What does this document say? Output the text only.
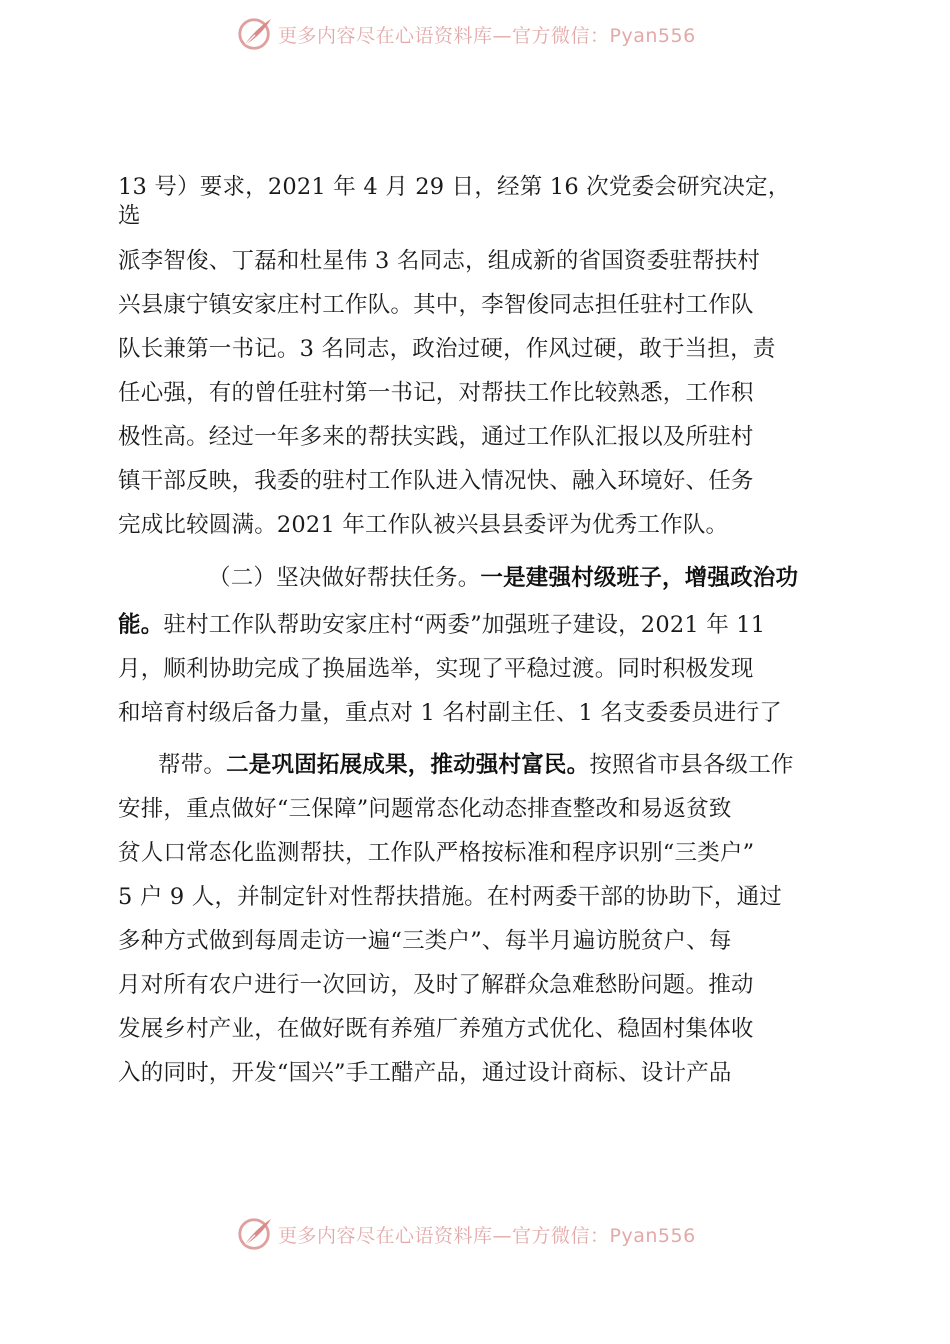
更多内容尽在心语资料库—官方微信：Pyan556
13 号）要求，2021 年 4 月 29 日，经第 16 次党委会研究决定，
选
派李智俊、丁磊和杜星伟 3 名同志，组成新的省国资委驻帮扶村
兴县康宁镇安家庄村工作队。其中，李智俊同志担任驻村工作队
队长兼第一书记。3 名同志，政治过硬，作风过硬，敢于当担，责
任心强，有的曾任驻村第一书记，对帮扶工作比较熟悉，工作积
极性高。经过一年多来的帮扶实践，通过工作队汇报以及所驻村
镇干部反映，我委的驻村工作队进入情况快、融入环境好、任务
完成比较圆满。2021 年工作队被兴县县委评为优秀工作队。
（二）坚决做好帮扶任务。一是建强村级班子，增强政治功
能。驻村工作队帮助安家庄村“两委”加强班子建设，2021 年 11
月，顺利协助完成了换届选举，实现了平稳过渡。同时积极发现
和培育村级后备力量，重点对 1 名村副主任、1 名支委委员进行了
帮带。二是巩固拓展成果，推动强村富民。按照省市县各级工作
安排，重点做好“三保障”问题常态化动态排查整改和易返贫致
贫人口常态化监测帮扶，工作队严格按标准和程序识别“三类户”
5 户 9 人，并制定针对性帮扶措施。在村两委干部的协助下，通过
多种方式做到每周走访一遍“三类户”、每半月遍访脱贫户、每
月对所有农户进行一次回访，及时了解群众急难愁盼问题。推动
发展乡村产业，在做好既有养殖厂养殖方式优化、稳固村集体收
入的同时，开发“国兴”手工醋产品，通过设计商标、设计产品
更多内容尽在心语资料库—官方微信：Pyan556
